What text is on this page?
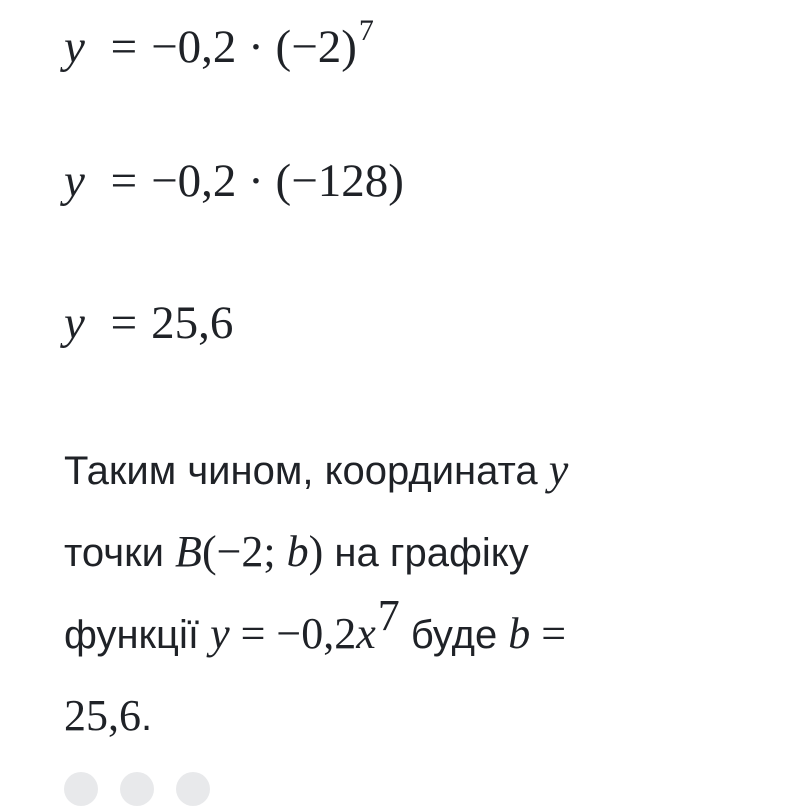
$y = -0,2 \cdot (-2)^7$
y = −0,2 · (−128)
y = 25,6
Таким чином, координата y
точки B(−2; b) на графіку
функції $y = -0,2x^7$ буде b =
25,6.
